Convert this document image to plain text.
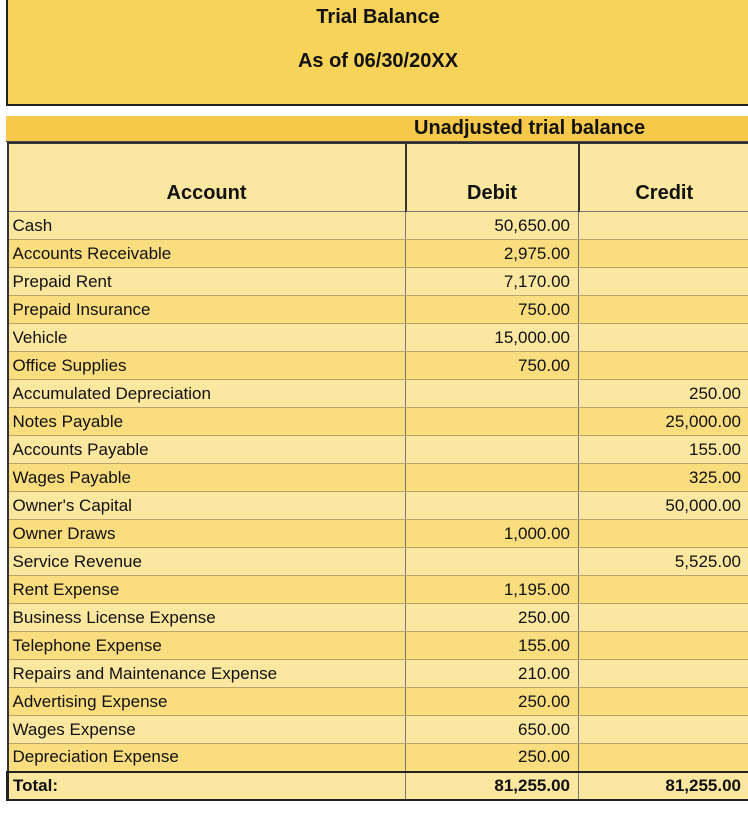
Trial Balance
As of 06/30/20XX
Unadjusted trial balance
Account	Debit	Credit
Cash	50,650.00	
Accounts Receivable	2,975.00	
Prepaid Rent	7,170.00	
Prepaid Insurance	750.00	
Vehicle	15,000.00	
Office Supplies	750.00	
Accumulated Depreciation		250.00
Notes Payable		25,000.00
Accounts Payable		155.00
Wages Payable		325.00
Owner's Capital		50,000.00
Owner Draws	1,000.00	
Service Revenue		5,525.00
Rent Expense	1,195.00	
Business License Expense	250.00	
Telephone Expense	155.00	
Repairs and Maintenance Expense	210.00	
Advertising Expense	250.00	
Wages Expense	650.00	
Depreciation Expense	250.00	
Total:	81,255.00	81,255.00
